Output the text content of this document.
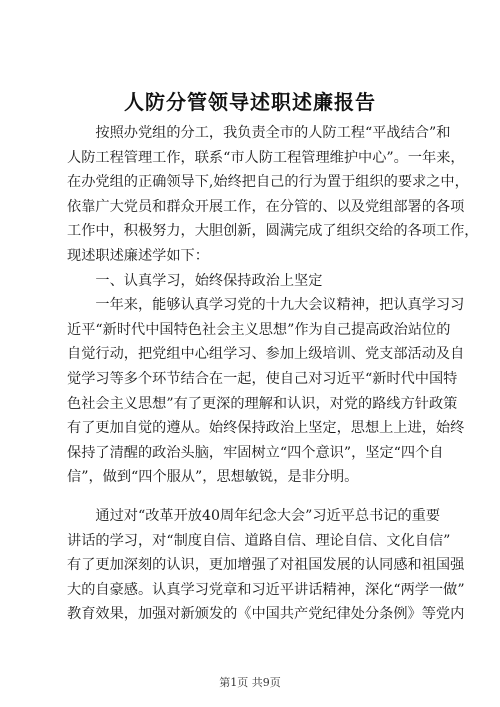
人防分管领导述职述廉报告
　　按照办党组的分工，我负责全市的人防工程“平战结合”和
人防工程管理工作，联系“市人防工程管理维护中心”。一年来，
在办党组的正确领导下,始终把自己的行为置于组织的要求之中，
依靠广大党员和群众开展工作，在分管的、以及党组部署的各项
工作中，积极努力，大胆创新，圆满完成了组织交给的各项工作，
现述职述廉述学如下：
　　一、认真学习，始终保持政治上坚定
　　一年来，能够认真学习党的十九大会议精神，把认真学习习
近平“新时代中国特色社会主义思想”作为自己提高政治站位的
自觉行动，把党组中心组学习、参加上级培训、党支部活动及自
觉学习等多个环节结合在一起，使自己对习近平“新时代中国特
色社会主义思想”有了更深的理解和认识，对党的路线方针政策
有了更加自觉的遵从。始终保持政治上坚定，思想上上进，始终
保持了清醒的政治头脑，牢固树立“四个意识”，坚定“四个自
信”，做到“四个服从”，思想敏锐，是非分明。
　　通过对“改革开放40周年纪念大会”习近平总书记的重要
讲话的学习，对“制度自信、道路自信、理论自信、文化自信”
有了更加深刻的认识，更加增强了对祖国发展的认同感和祖国强
大的自豪感。认真学习党章和习近平讲话精神，深化“两学一做”
教育效果，加强对新颁发的《中国共产党纪律处分条例》等党内
第1页 共9页
